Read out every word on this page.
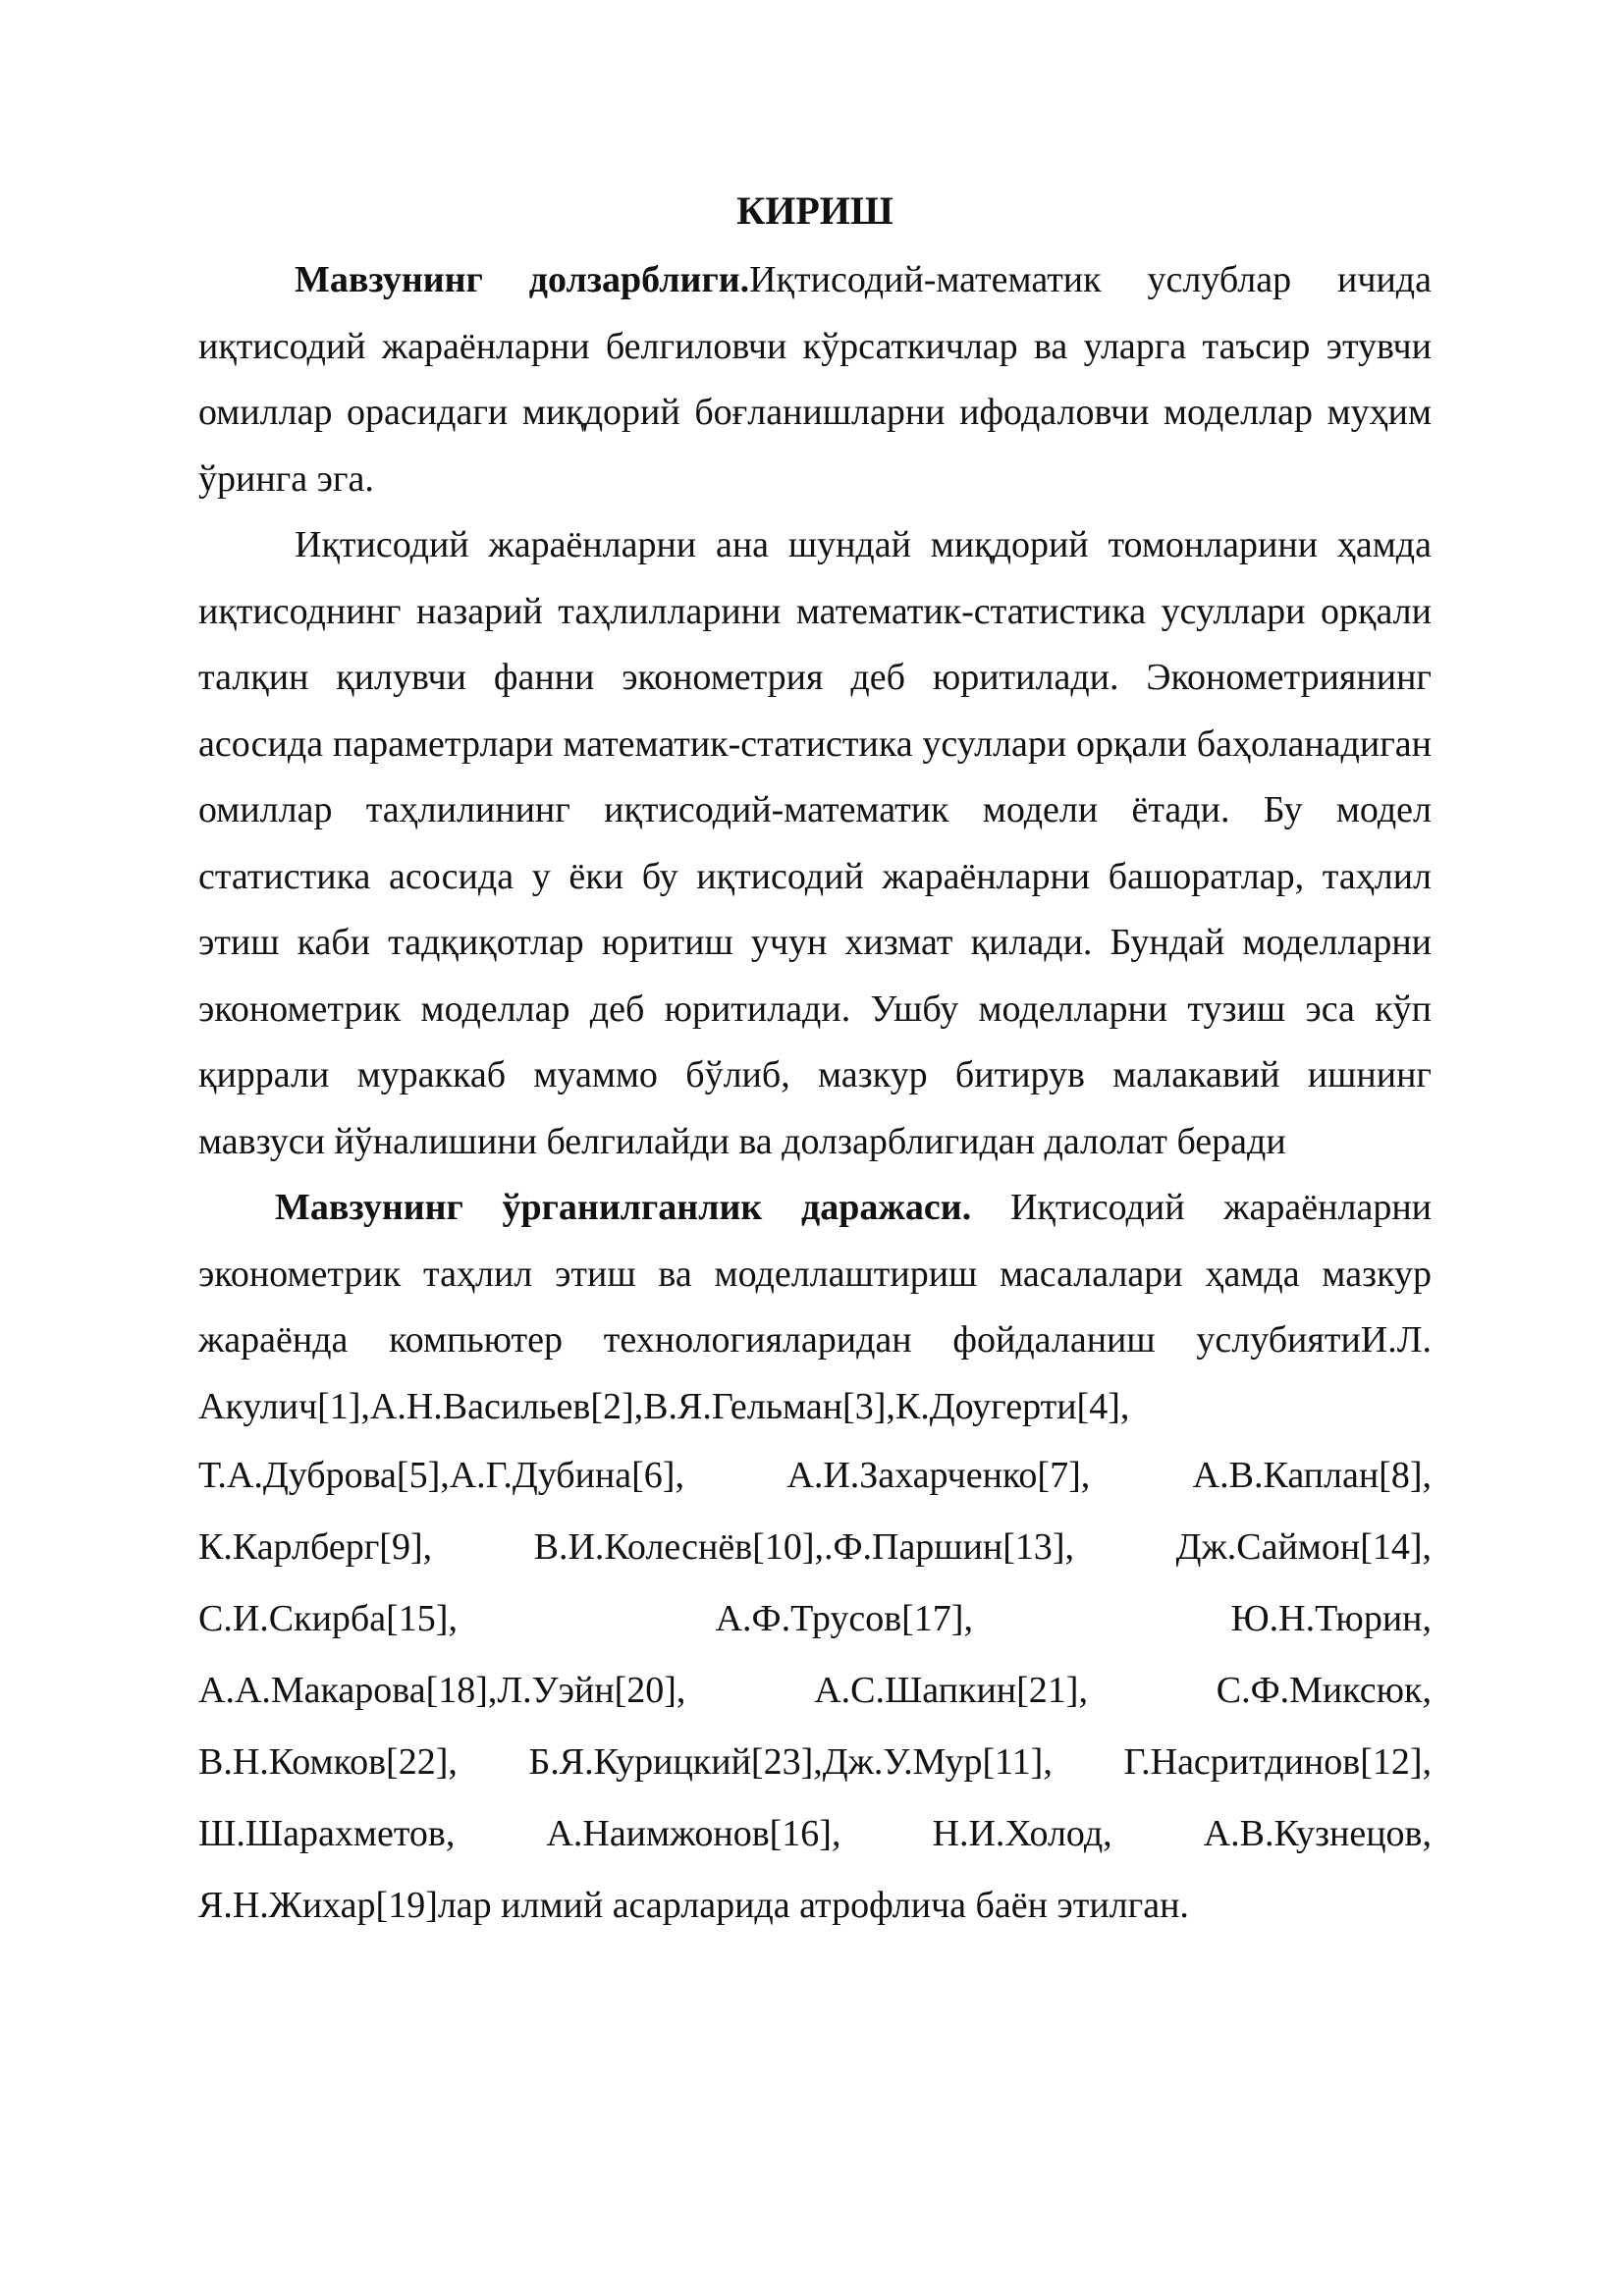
КИРИШ

Мавзунинг долзарблиги.Иқтисодий-математик услублар ичида иқтисодий жараёнларни белгиловчи кўрсаткичлар ва уларга таъсир этувчи омиллар орасидаги миқдорий боғланишларни ифодаловчи моделлар муҳим ўринга эга.

Иқтисодий жараёнларни ана шундай миқдорий томонларини ҳамда иқтисоднинг назарий таҳлилларини математик-статистика усуллари орқали талқин қилувчи фанни эконометрия деб юритилади. Эконометриянинг асосида параметрлари математик-статистика усуллари орқали баҳоланадиган омиллар таҳлилининг иқтисодий-математик модели ётади. Бу модел статистика асосида у ёки бу иқтисодий жараёнларни башоратлар, таҳлил этиш каби тадқиқотлар юритиш учун хизмат қилади. Бундай моделларни эконометрик моделлар деб юритилади. Ушбу моделларни тузиш эса кўп қиррали мураккаб муаммо бўлиб, мазкур битирув малакавий ишнинг мавзуси йўналишини белгилайди ва долзарблигидан далолат беради

Мавзунинг ўрганилганлик даражаси. Иқтисодий жараёнларни эконометрик таҳлил этиш ва моделлаштириш масалалари ҳамда мазкур жараёнда компьютер технологияларидан фойдаланиш услубиятиИ.Л. Акулич[1],А.Н.Васильев[2],В.Я.Гельман[3],К.Доугерти[4],

Т.А.Дуброва[5],А.Г.Дубина[6], А.И.Захарченко[7], А.В.Каплан[8],
К.Карлберг[9], В.И.Колеснёв[10],.Ф.Паршин[13], Дж.Саймон[14],
С.И.Скирба[15], А.Ф.Трусов[17], Ю.Н.Тюрин,
А.А.Макарова[18],Л.Уэйн[20], А.С.Шапкин[21], С.Ф.Миксюк,
В.Н.Комков[22], Б.Я.Курицкий[23],Дж.У.Мур[11], Г.Насритдинов[12],
Ш.Шарахметов, А.Наимжонов[16], Н.И.Холод, А.В.Кузнецов,
Я.Н.Жихар[19]лар илмий асарларида атрофлича баён этилган.
